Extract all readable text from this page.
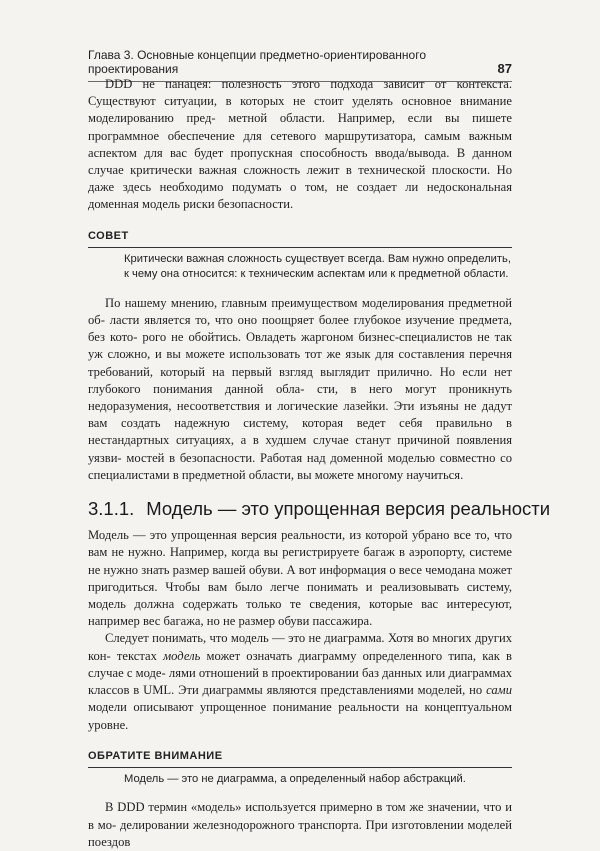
Глава 3. Основные концепции предметно-ориентированного проектирования	87

DDD не панацея: полезность этого подхода зависит от контекста. Существуют ситуации, в которых не стоит уделять основное внимание моделированию пред- метной области. Например, если вы пишете программное обеспечение для сетевого маршрутизатора, самым важным аспектом для вас будет пропускная способность ввода/вывода. В данном случае критически важная сложность лежит в технической плоскости. Но даже здесь необходимо подумать о том, не создает ли недоскональная доменная модель риски безопасности.

СОВЕТ
Критически важная сложность существует всегда. Вам нужно определить,
к чему она относится: к техническим аспектам или к предметной области.

По нашему мнению, главным преимуществом моделирования предметной об- ласти является то, что оно поощряет более глубокое изучение предмета, без кото- рого не обойтись. Овладеть жаргоном бизнес-специалистов не так уж сложно, и вы можете использовать тот же язык для составления перечня требований, который на первый взгляд выглядит прилично. Но если нет глубокого понимания данной обла- сти, в него могут проникнуть недоразумения, несоответствия и логические лазейки. Эти изъяны не дадут вам создать надежную систему, которая ведет себя правильно в нестандартных ситуациях, а в худшем случае станут причиной появления уязви- мостей в безопасности. Работая над доменной моделью совместно со специалистами в предметной области, вы можете многому научиться.

3.1.1. Модель — это упрощенная версия реальности

Модель — это упрощенная версия реальности, из которой убрано все то, что вам не нужно. Например, когда вы регистрируете багаж в аэропорту, системе не нужно знать размер вашей обуви. А вот информация о весе чемодана может пригодиться. Чтобы вам было легче понимать и реализовывать систему, модель должна содержать только те сведения, которые вас интересуют, например вес багажа, но не размер обуви пассажира.

Следует понимать, что модель — это не диаграмма. Хотя во многих других кон- текстах модель может означать диаграмму определенного типа, как в случае с моде- лями отношений в проектировании баз данных или диаграммах классов в UML. Эти диаграммы являются представлениями моделей, но сами модели описывают упрощенное понимание реальности на концептуальном уровне.

ОБРАТИТЕ ВНИМАНИЕ
Модель — это не диаграмма, а определенный набор абстракций.

В DDD термин «модель» используется примерно в том же значении, что и в мо- делировании железнодорожного транспорта. При изготовлении моделей поездов
